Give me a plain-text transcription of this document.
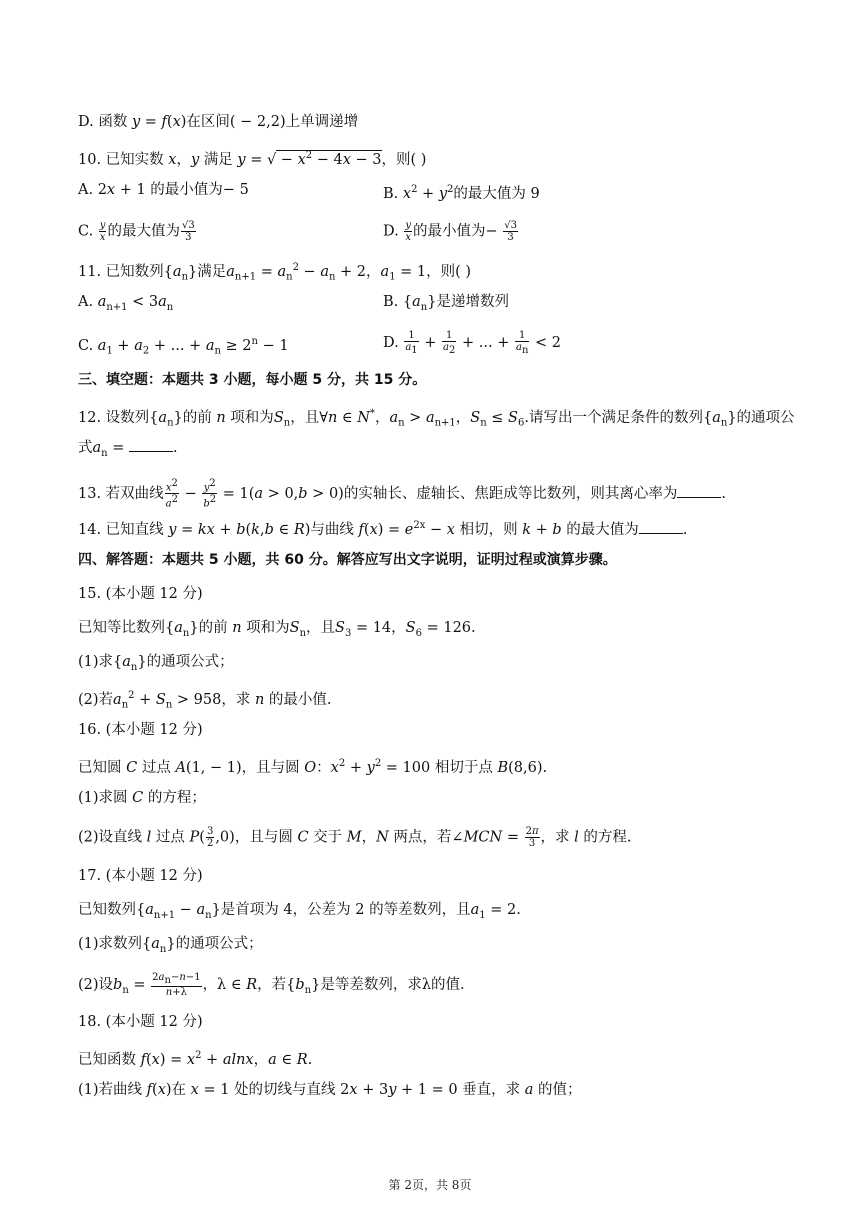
D. 函数 y = f(x)在区间( − 2,2)上单调递增
10. 已知实数 x，y 满足 y = √ − $x^2 - 4x - 3$，则( )
A. 2x + 1 的最小值为− 5	B. $x^2 + y^2$的最大值为 9
C. $\frac{y}{x}$ 的最大值为 $\frac{√3}{3}$	D. $\frac{y}{x}$ 的最小值为− $\frac{√3}{3}$
11. 已知数列$\{a_n\}$满足$a_{n+1} = a_n^2 - a_n + 2$，$a_1 = 1$，则( )
A. $a_{n+1} < 3a_n$	B. $\{a_n\}$是递增数列
C. $a_1 + a_2$ + ... + $a_n \ge 2^n - 1$	D. $\frac{1}{a_1} + \frac{1}{a_2}$ + ... + $\frac{1}{a_n} < 2$
三、填空题：本题共 3 小题，每小题 5 分，共 15 分。
12. 设数列$\{a_n\}$的前 n 项和为$S_n$，且∀n ∈ N*，$a_n > a_{n+1}$，$S_n \le S_6$.请写出一个满足条件的数列$\{a_n\}$的通项公
式$a_n$ =	.
13. 若双曲线 $\frac{x^2}{a^2} - \frac{y^2}{b^2} = 1(a > 0,b > 0)$的实轴长、虚轴长、焦距成等比数列，则其离心率为	.
14. 已知直线 y = kx + b(k,b ∈ R)与曲线 $f(x) = e^{2x} - x$ 相切，则 k + b 的最大值为	.
四、解答题：本题共 5 小题，共 60 分。解答应写出文字说明，证明过程或演算步骤。
15. (本小题 12 分)
已知等比数列$\{a_n\}$的前 n 项和为$S_n$，且$S_3 = 14$，$S_6 = 126$.
(1)求$\{a_n\}$的通项公式；
(2)若$a_n^2 + S_n > 958$，求 n 的最小值.
16. (本小题 12 分)
已知圆 C 过点 A(1, − 1)，且与圆 O：$x^2 + y^2 = 100$ 相切于点 B(8,6).
(1)求圆 C 的方程；
(2)设直线 l 过点 $P( \frac{3}{2} ,0)$，且与圆 C 交于 M，N 两点，若∠MCN = $\frac{2\pi}{3}$ ，求 l 的方程.
17. (本小题 12 分)
已知数列$\{a_{n+1} - a_n\}$是首项为 4，公差为 2 的等差数列，且$a_1 = 2$.
(1)求数列$\{a_n\}$的通项公式；
(2)设$b_n = \frac{2a_n-n-1}{n+\lambda}$ ，λ ∈ R，若$\{b_n\}$是等差数列，求λ的值.
18. (本小题 12 分)
已知函数 $f(x) = x^2 + alnx$，a ∈ R.
(1)若曲线 f(x)在 x = 1 处的切线与直线 2x + 3y + 1 = 0 垂直，求 a 的值；
第 2页，共 8页
